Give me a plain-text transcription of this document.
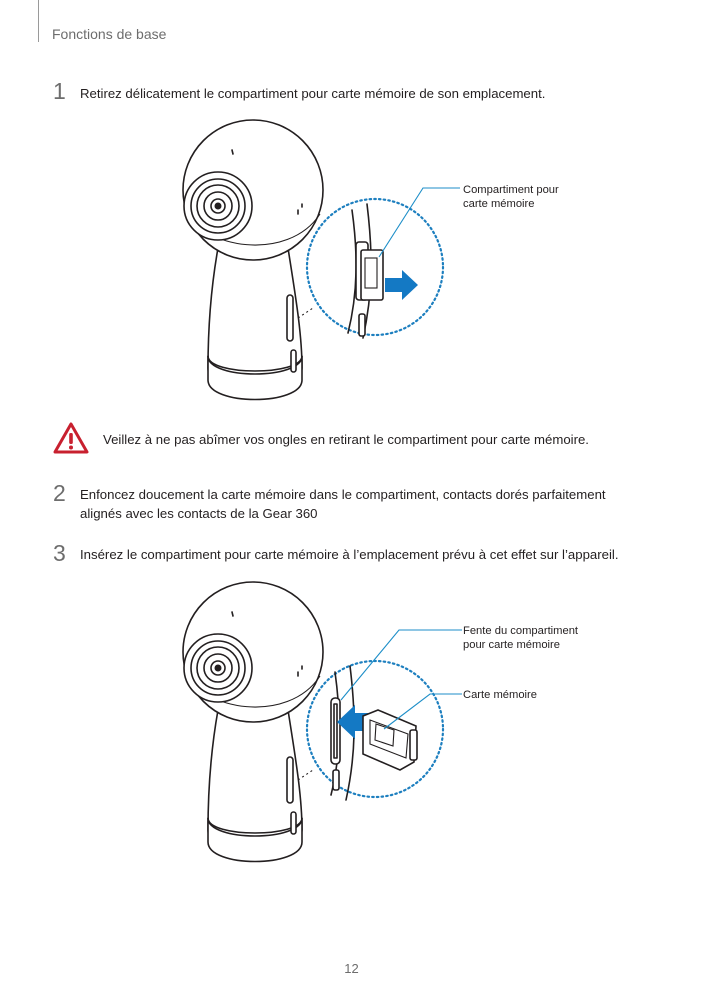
Fonctions de base
1 Retirez délicatement le compartiment pour carte mémoire de son emplacement.
Compartiment pour
carte mémoire
Veillez à ne pas abîmer vos ongles en retirant le compartiment pour carte mémoire.
2 Enfoncez doucement la carte mémoire dans le compartiment, contacts dorés parfaitement
alignés avec les contacts de la Gear 360
3 Insérez le compartiment pour carte mémoire à l’emplacement prévu à cet effet sur l’appareil.
Fente du compartiment
pour carte mémoire
Carte mémoire
12
